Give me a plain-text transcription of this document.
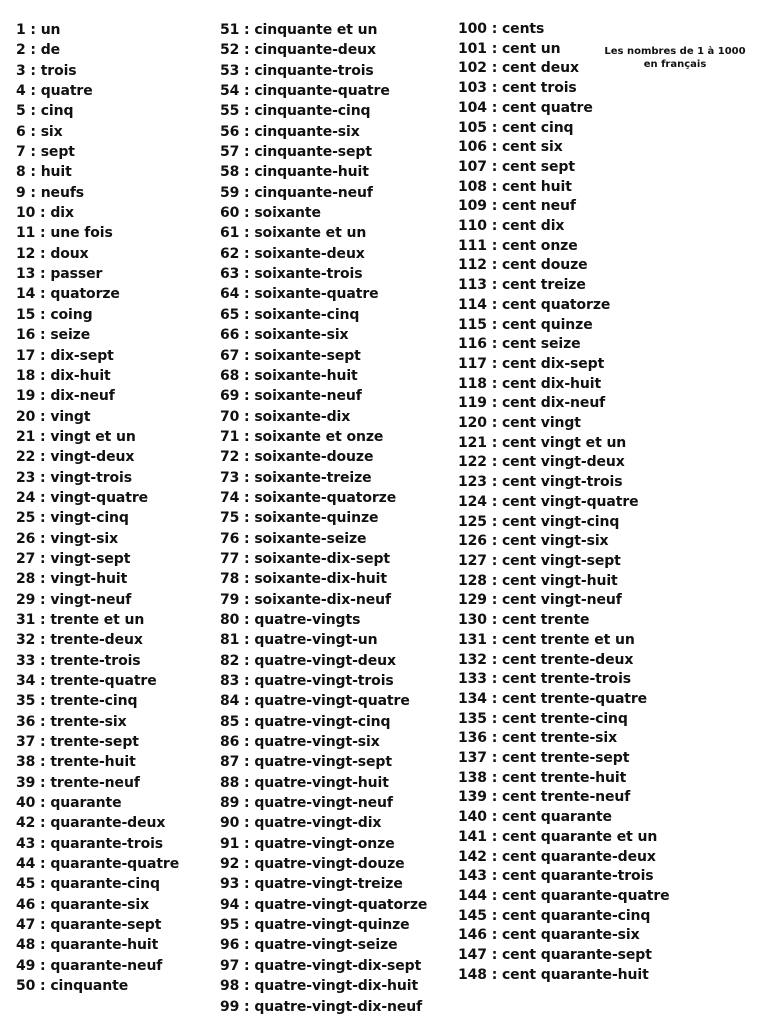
1 : un
2 : de
3 : trois
4 : quatre
5 : cinq
6 : six
7 : sept
8 : huit
9 : neufs
10 : dix
11 : une fois
12 : doux
13 : passer
14 : quatorze
15 : coing
16 : seize
17 : dix-sept
18 : dix-huit
19 : dix-neuf
20 : vingt
21 : vingt et un
22 : vingt-deux
23 : vingt-trois
24 : vingt-quatre
25 : vingt-cinq
26 : vingt-six
27 : vingt-sept
28 : vingt-huit
29 : vingt-neuf
31 : trente et un
32 : trente-deux
33 : trente-trois
34 : trente-quatre
35 : trente-cinq
36 : trente-six
37 : trente-sept
38 : trente-huit
39 : trente-neuf
40 : quarante
42 : quarante-deux
43 : quarante-trois
44 : quarante-quatre
45 : quarante-cinq
46 : quarante-six
47 : quarante-sept
48 : quarante-huit
49 : quarante-neuf
50 : cinquante
51 : cinquante et un
52 : cinquante-deux
53 : cinquante-trois
54 : cinquante-quatre
55 : cinquante-cinq
56 : cinquante-six
57 : cinquante-sept
58 : cinquante-huit
59 : cinquante-neuf
60 : soixante
61 : soixante et un
62 : soixante-deux
63 : soixante-trois
64 : soixante-quatre
65 : soixante-cinq
66 : soixante-six
67 : soixante-sept
68 : soixante-huit
69 : soixante-neuf
70 : soixante-dix
71 : soixante et onze
72 : soixante-douze
73 : soixante-treize
74 : soixante-quatorze
75 : soixante-quinze
76 : soixante-seize
77 : soixante-dix-sept
78 : soixante-dix-huit
79 : soixante-dix-neuf
80 : quatre-vingts
81 : quatre-vingt-un
82 : quatre-vingt-deux
83 : quatre-vingt-trois
84 : quatre-vingt-quatre
85 : quatre-vingt-cinq
86 : quatre-vingt-six
87 : quatre-vingt-sept
88 : quatre-vingt-huit
89 : quatre-vingt-neuf
90 : quatre-vingt-dix
91 : quatre-vingt-onze
92 : quatre-vingt-douze
93 : quatre-vingt-treize
94 : quatre-vingt-quatorze
95 : quatre-vingt-quinze
96 : quatre-vingt-seize
97 : quatre-vingt-dix-sept
98 : quatre-vingt-dix-huit
99 : quatre-vingt-dix-neuf
100 : cents
101 : cent un
102 : cent deux
103 : cent trois
104 : cent quatre
105 : cent cinq
106 : cent six
107 : cent sept
108 : cent huit
109 : cent neuf
110 : cent dix
111 : cent onze
112 : cent douze
113 : cent treize
114 : cent quatorze
115 : cent quinze
116 : cent seize
117 : cent dix-sept
118 : cent dix-huit
119 : cent dix-neuf
120 : cent vingt
121 : cent vingt et un
122 : cent vingt-deux
123 : cent vingt-trois
124 : cent vingt-quatre
125 : cent vingt-cinq
126 : cent vingt-six
127 : cent vingt-sept
128 : cent vingt-huit
129 : cent vingt-neuf
130 : cent trente
131 : cent trente et un
132 : cent trente-deux
133 : cent trente-trois
134 : cent trente-quatre
135 : cent trente-cinq
136 : cent trente-six
137 : cent trente-sept
138 : cent trente-huit
139 : cent trente-neuf
140 : cent quarante
141 : cent quarante et un
142 : cent quarante-deux
143 : cent quarante-trois
144 : cent quarante-quatre
145 : cent quarante-cinq
146 : cent quarante-six
147 : cent quarante-sept
148 : cent quarante-huit
Les nombres de 1 à 1000 en français
